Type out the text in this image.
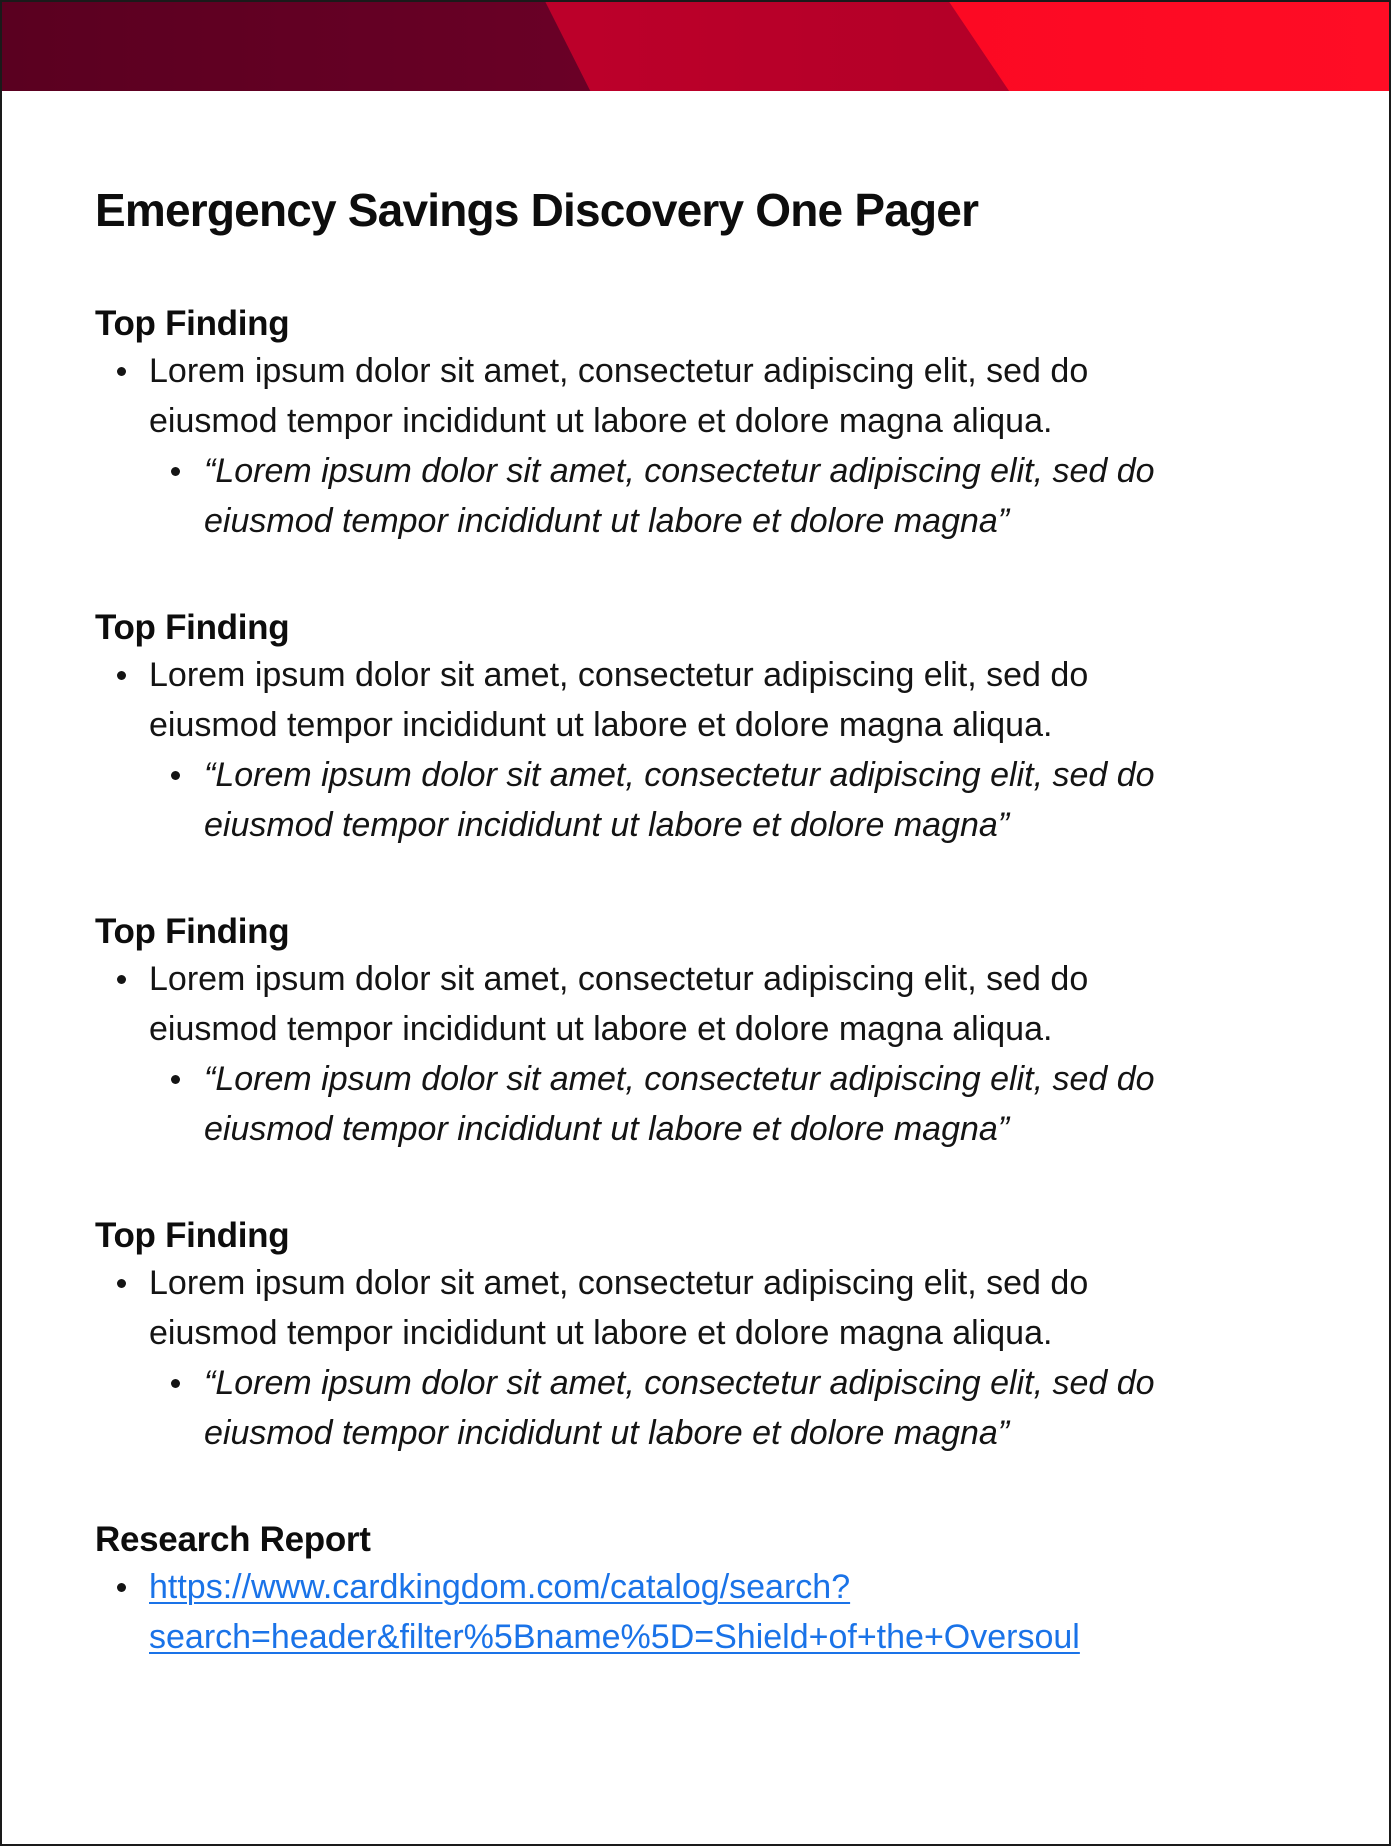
Emergency Savings Discovery One Pager
Top Finding
Lorem ipsum dolor sit amet, consectetur adipiscing elit, sed do eiusmod tempor incididunt ut labore et dolore magna aliqua.
“Lorem ipsum dolor sit amet, consectetur adipiscing elit, sed do eiusmod tempor incididunt ut labore et dolore magna”
Top Finding
Lorem ipsum dolor sit amet, consectetur adipiscing elit, sed do eiusmod tempor incididunt ut labore et dolore magna aliqua.
“Lorem ipsum dolor sit amet, consectetur adipiscing elit, sed do eiusmod tempor incididunt ut labore et dolore magna”
Top Finding
Lorem ipsum dolor sit amet, consectetur adipiscing elit, sed do eiusmod tempor incididunt ut labore et dolore magna aliqua.
“Lorem ipsum dolor sit amet, consectetur adipiscing elit, sed do eiusmod tempor incididunt ut labore et dolore magna”
Top Finding
Lorem ipsum dolor sit amet, consectetur adipiscing elit, sed do eiusmod tempor incididunt ut labore et dolore magna aliqua.
“Lorem ipsum dolor sit amet, consectetur adipiscing elit, sed do eiusmod tempor incididunt ut labore et dolore magna”
Research Report
https://www.cardkingdom.com/catalog/search?
search=header&filter%5Bname%5D=Shield+of+the+Oversoul
